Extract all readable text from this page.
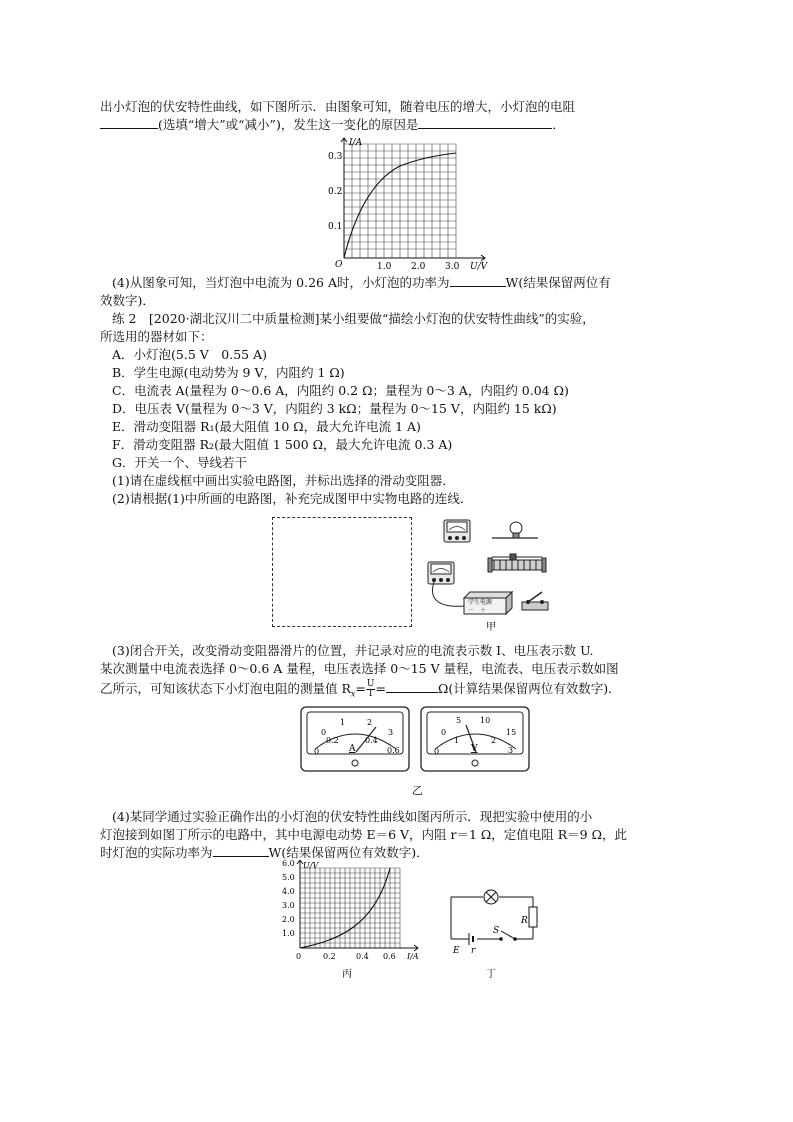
出小灯泡的伏安特性曲线，如下图所示．由图象可知，随着电压的增大，小灯泡的电阻
(选填“增大”或“减小”)，发生这一变化的原因是	．
I/A
U/V
O
0.1
0.2
0.3
1.0 2.0 3.0
(4)从图象可知，当灯泡中电流为 0.26 A时，小灯泡的功率为	W(结果保留两位有
效数字)．
练 2　[2020·湖北汉川二中质量检测]某小组要做“描绘小灯泡的伏安特性曲线”的实验，
所选用的器材如下：
A．小灯泡(5.5 V　0.55 A)
B．学生电源(电动势为 9 V，内阻约 1 Ω)
C．电流表 A(量程为 0～0.6 A，内阻约 0.2 Ω；量程为 0～3 A，内阻约 0.04 Ω)
D．电压表 V(量程为 0～3 V，内阻约 3 kΩ；量程为 0～15 V，内阻约 15 kΩ)
E．滑动变阻器 R₁(最大阻值 10 Ω，最大允许电流 1 A)
F．滑动变阻器 R₂(最大阻值 1 500 Ω，最大允许电流 0.3 A)
G．开关一个、导线若干
(1)请在虚线框中画出实验电路图，并标出选择的滑动变阻器．
(2)请根据(1)中所画的电路图，补充完成图甲中实物电路的连线．
学生电源
－　＋
甲
(3)闭合开关，改变滑动变阻器滑片的位置，并记录对应的电流表示数 I、电压表示数 U.
某次测量中电流表选择 0～0.6 A 量程，电压表选择 0～15 V 量程，电流表、电压表示数如图
乙所示，可知该状态下小灯泡电阻的测量值 $R_x= \frac{U}{I}$ =	Ω(计算结果保留两位有效数字)．
0
0.2	0.4
0.6
0
1	2
3
A	0
1	2
3
0
5 10
15
V
乙
(4)某同学通过实验正确作出的小灯泡的伏安特性曲线如图丙所示．现把实验中使用的小
灯泡接到如图丁所示的电路中，其中电源电动势 E＝6 V，内阻 r＝1 Ω，定值电阻 R＝9 Ω，此
时灯泡的实际功率为	W(结果保留两位有效数字)．
U/V
I/A
1.0
2.0
3.0
4.0
5.0
6.0
0	0.2	0.4 0.6
丙
R
S
E r
丁
